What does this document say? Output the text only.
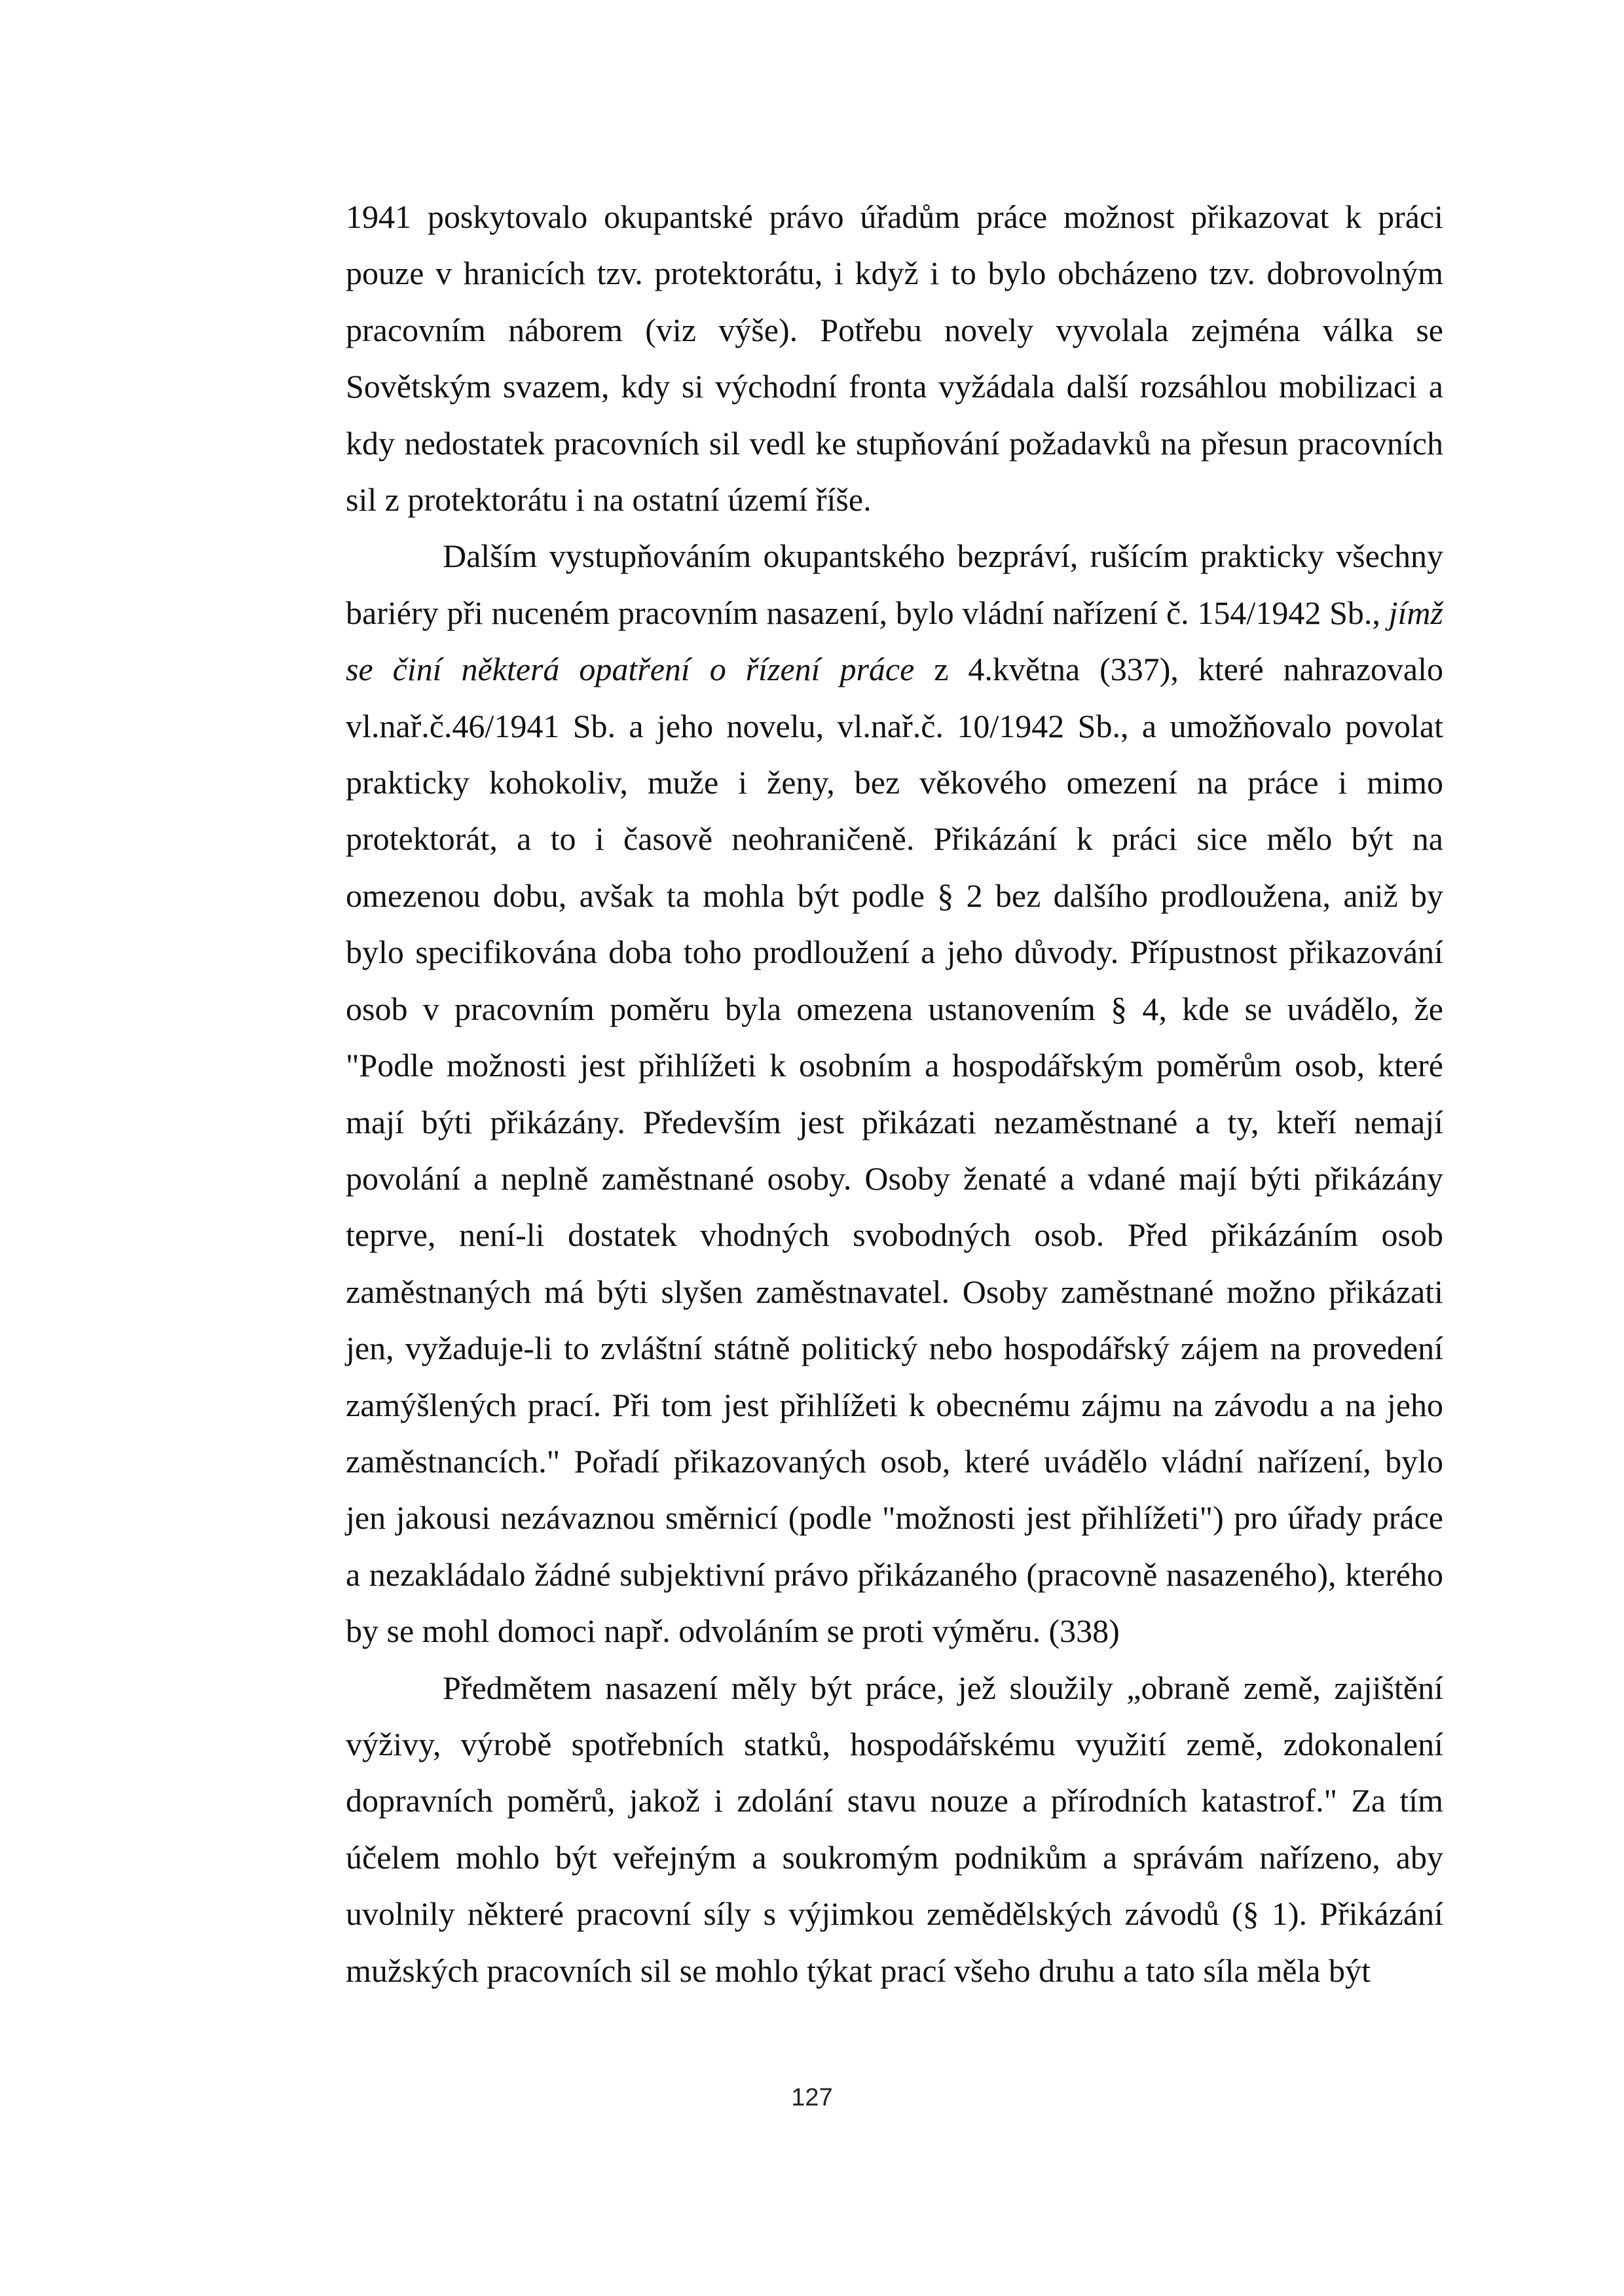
1941 poskytovalo okupantské právo úřadům práce možnost přikazovat k práci pouze v hranicích tzv. protektorátu, i když i to bylo obcházeno tzv. dobrovolným pracovním náborem (viz výše). Potřebu novely vyvolala zejména válka se Sovětským svazem, kdy si východní fronta vyžádala další rozsáhlou mobilizaci a kdy nedostatek pracovních sil vedl ke stupňování požadavků na přesun pracovních sil z protektorátu i na ostatní území říše.

Dalším vystupňováním okupantského bezpráví, rušícím prakticky všechny bariéry při nuceném pracovním nasazení, bylo vládní nařízení č. 154/1942 Sb., jímž se činí některá opatření o řízení práce z 4.května (337), které nahrazovalo vl.nař.č.46/1941 Sb. a jeho novelu, vl.nař.č. 10/1942 Sb., a umožňovalo povolat prakticky kohokoliv, muže i ženy, bez věkového omezení na práce i mimo protektorát, a to i časově neohraničeně. Přikázání k práci sice mělo být na omezenou dobu, avšak ta mohla být podle § 2 bez dalšího prodloužena, aniž by bylo specifikována doba toho prodloužení a jeho důvody. Přípustnost přikazování osob v pracovním poměru byla omezena ustanovením § 4, kde se uvádělo, že "Podle možnosti jest přihlížeti k osobním a hospodářským poměrům osob, které mají býti přikázány. Především jest přikázati nezaměstnané a ty, kteří nemají povolání a neplně zaměstnané osoby. Osoby ženaté a vdané mají býti přikázány teprve, není-li dostatek vhodných svobodných osob. Před přikázáním osob zaměstnaných má býti slyšen zaměstnavatel. Osoby zaměstnané možno přikázati jen, vyžaduje-li to zvláštní státně politický nebo hospodářský zájem na provedení zamýšlených prací. Při tom jest přihlížeti k obecnému zájmu na závodu a na jeho zaměstnancích." Pořadí přikazovaných osob, které uvádělo vládní nařízení, bylo jen jakousi nezávaznou směrnicí (podle "možnosti jest přihlížeti") pro úřady práce a nezakládalo žádné subjektivní právo přikázaného (pracovně nasazeného), kterého by se mohl domoci např. odvoláním se proti výměru. (338)

Předmětem nasazení měly být práce, jež sloužily „obraně země, zajištění výživy, výrobě spotřebních statků, hospodářskému využití země, zdokonalení dopravních poměrů, jakož i zdolání stavu nouze a přírodních katastrof." Za tím účelem mohlo být veřejným a soukromým podnikům a správám nařízeno, aby uvolnily některé pracovní síly s výjimkou zemědělských závodů (§ 1). Přikázání mužských pracovních sil se mohlo týkat prací všeho druhu a tato síla měla být

127
